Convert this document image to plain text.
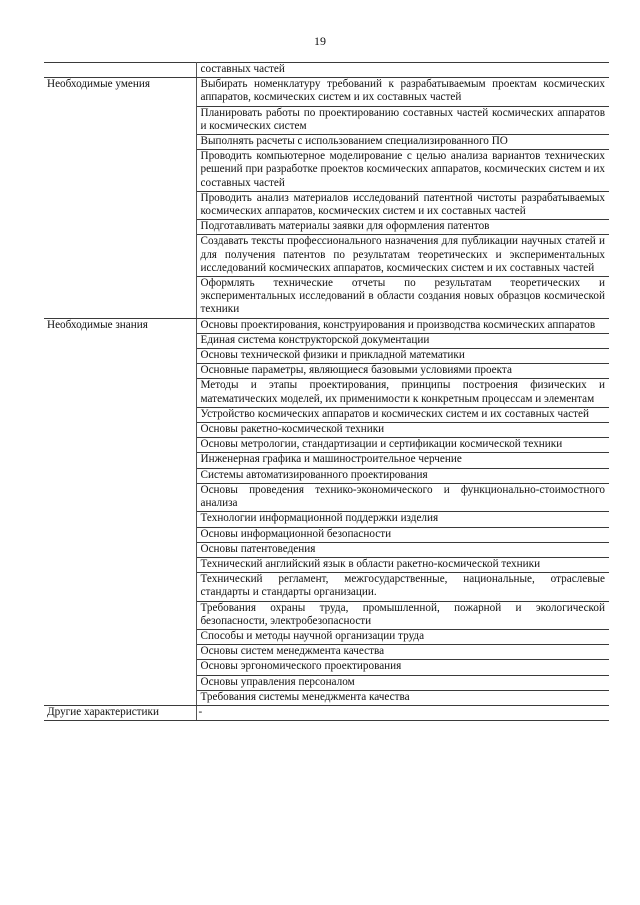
19
	составных частей
Необходимые умения	Выбирать номенклатуру требований к разрабатываемым проектам космических аппаратов, космических систем и их составных частей
	Планировать работы по проектированию составных частей космических аппаратов и космических систем
	Выполнять расчеты с использованием специализированного ПО
	Проводить компьютерное моделирование с целью анализа вариантов технических решений при разработке проектов космических аппаратов, космических систем и их составных частей
	Проводить анализ материалов исследований патентной чистоты разрабатываемых космических аппаратов, космических систем и их составных частей
	Подготавливать материалы заявки для оформления патентов
	Создавать тексты профессионального назначения для публикации научных статей и для получения патентов по результатам теоретических и экспериментальных исследований космических аппаратов, космических систем и их составных частей
	Оформлять технические отчеты по результатам теоретических и экспериментальных исследований в области создания новых образцов космической техники
Необходимые знания	Основы проектирования, конструирования и производства космических аппаратов
	Единая система конструкторской документации
	Основы технической физики и прикладной математики
	Основные параметры, являющиеся базовыми условиями проекта
	Методы и этапы проектирования, принципы построения физических и математических моделей, их применимости к конкретным процессам и элементам
	Устройство космических аппаратов и космических систем и их составных частей
	Основы ракетно-космической техники
	Основы метрологии, стандартизации и сертификации космической техники
	Инженерная графика и машиностроительное черчение
	Системы автоматизированного проектирования
	Основы проведения технико-экономического и функционально-стоимостного анализа
	Технологии информационной поддержки изделия
	Основы информационной безопасности
	Основы патентоведения
	Технический английский язык в области ракетно-космической техники
	Технический регламент, межгосударственные, национальные, отраслевые стандарты и стандарты организации.
	Требования охраны труда, промышленной, пожарной и экологической безопасности, электробезопасности
	Способы и методы научной организации труда
	Основы систем менеджмента качества
	Основы эргономического проектирования
	Основы управления персоналом
	Требования системы менеджмента качества
Другие характеристики	-
